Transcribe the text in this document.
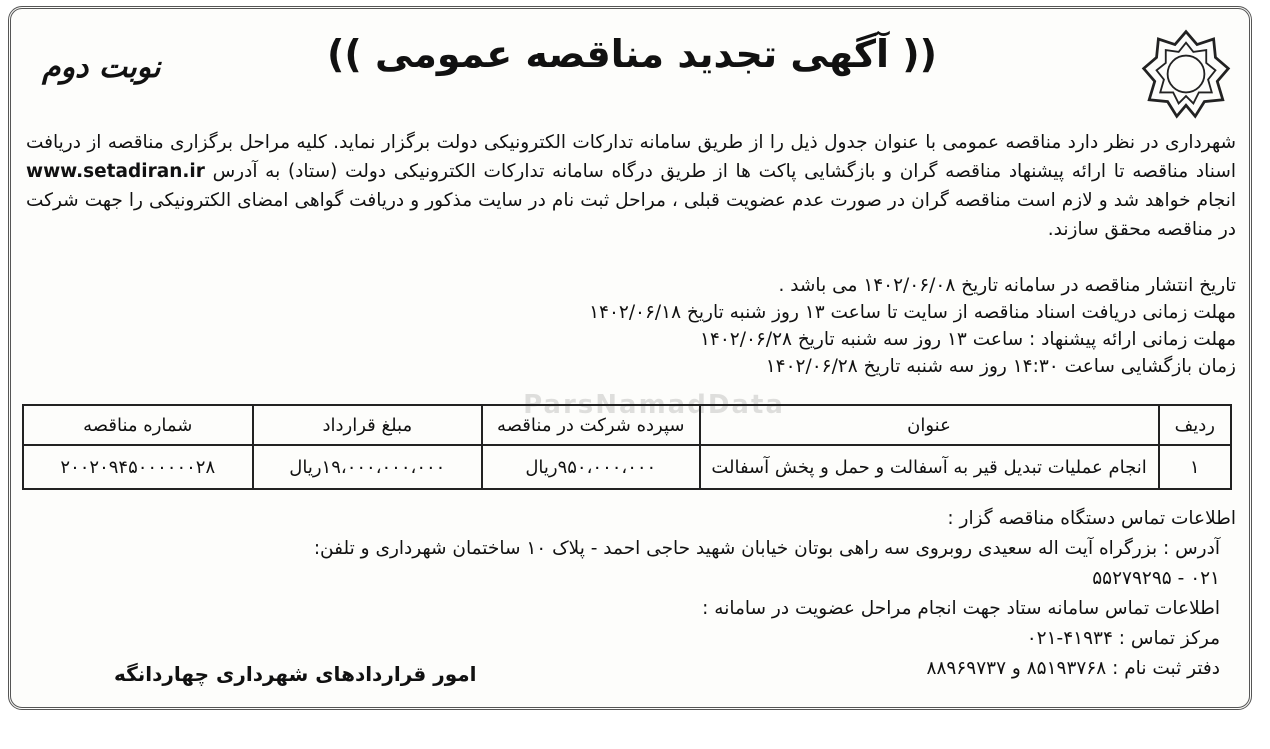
(( آگهی تجدید مناقصه عمومی ))
نوبت دوم
ParsNamadData
شهرداری در نظر دارد مناقصه عمومی با عنوان جدول ذیل را از طریق سامانه تدارکات الکترونیکی دولت برگزار نماید. کلیه مراحل برگزاری مناقصه از دریافت اسناد مناقصه تا ارائه پیشنهاد مناقصه گران و بازگشایی پاکت ها از طریق درگاه سامانه تدارکات الکترونیکی دولت (ستاد) به آدرس www.setadiran.ir انجام خواهد شد و لازم است مناقصه گران در صورت عدم عضویت قبلی ، مراحل ثبت نام در سایت مذکور و دریافت گواهی امضای الکترونیکی را جهت شرکت در مناقصه محقق سازند.
تاریخ انتشار مناقصه در سامانه تاریخ ۱۴۰۲/۰۶/۰۸ می باشد .
مهلت زمانی دریافت اسناد مناقصه از سایت تا ساعت ۱۳ روز شنبه تاریخ ۱۴۰۲/۰۶/۱۸
مهلت زمانی ارائه پیشنهاد : ساعت ۱۳ روز سه شنبه تاریخ ۱۴۰۲/۰۶/۲۸
زمان بازگشایی ساعت ۱۴:۳۰ روز سه شنبه تاریخ ۱۴۰۲/۰۶/۲۸
ردیف	عنوان	سپرده شرکت در مناقصه	مبلغ قرارداد	شماره مناقصه
۱	انجام عملیات تبدیل قیر به آسفالت و حمل و پخش آسفالت	۹۵۰،۰۰۰،۰۰۰ریال	۱۹،۰۰۰،۰۰۰،۰۰۰ریال	۲۰۰۲۰۹۴۵۰۰۰۰۰۰۲۸
اطلاعات تماس دستگاه مناقصه گزار :
آدرس : بزرگراه آیت اله سعیدی روبروی سه راهی بوتان خیابان شهید حاجی احمد - پلاک ۱۰ ساختمان شهرداری و تلفن:
۰۲۱ - ۵۵۲۷۹۲۹۵
اطلاعات تماس سامانه ستاد جهت انجام مراحل عضویت در سامانه :
مرکز تماس : ۴۱۹۳۴-۰۲۱
دفتر ثبت نام : ۸۵۱۹۳۷۶۸ و ۸۸۹۶۹۷۳۷
امور قراردادهای شهرداری چهاردانگه
